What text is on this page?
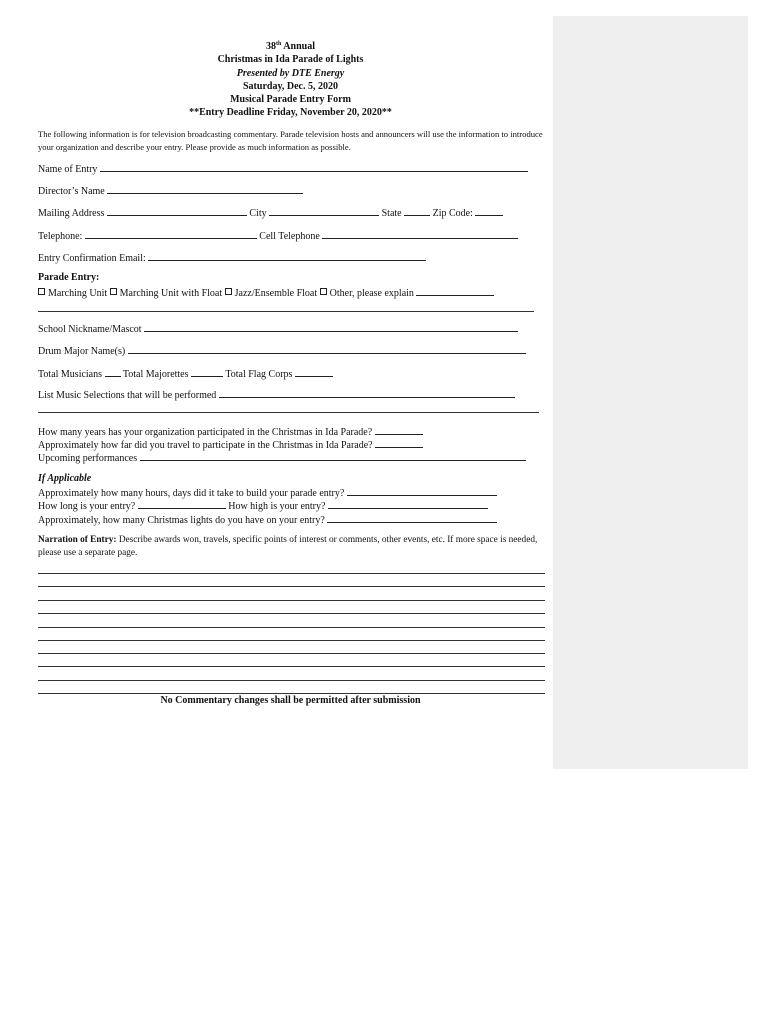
38th Annual
Christmas in Ida Parade of Lights
Presented by DTE Energy
Saturday, Dec. 5, 2020
Musical Parade Entry Form
**Entry Deadline Friday, November 20, 2020**
The following information is for television broadcasting commentary. Parade television hosts and announcers will use the information to introduce your organization and describe your entry. Please provide as much information as possible.
Name of Entry
Director’s Name
Mailing Address	City	State	Zip Code:
Telephone:	Cell Telephone
Entry Confirmation Email:
Parade Entry:
Marching Unit Marching Unit with Float Jazz/Ensemble Float Other, please explain
School Nickname/Mascot
Drum Major Name(s)
Total Musicians Total Majorettes	Total Flag Corps
List Music Selections that will be performed
How many years has your organization participated in the Christmas in Ida Parade?
Approximately how far did you travel to participate in the Christmas in Ida Parade?
Upcoming performances
If Applicable
Approximately how many hours, days did it take to build your parade entry?
How long is your entry?	How high is your entry?
Approximately, how many Christmas lights do you have on your entry?
Narration of Entry: Describe awards won, travels, specific points of interest or comments, other events, etc. If more space is needed, please use a separate page.
No Commentary changes shall be permitted after submission
